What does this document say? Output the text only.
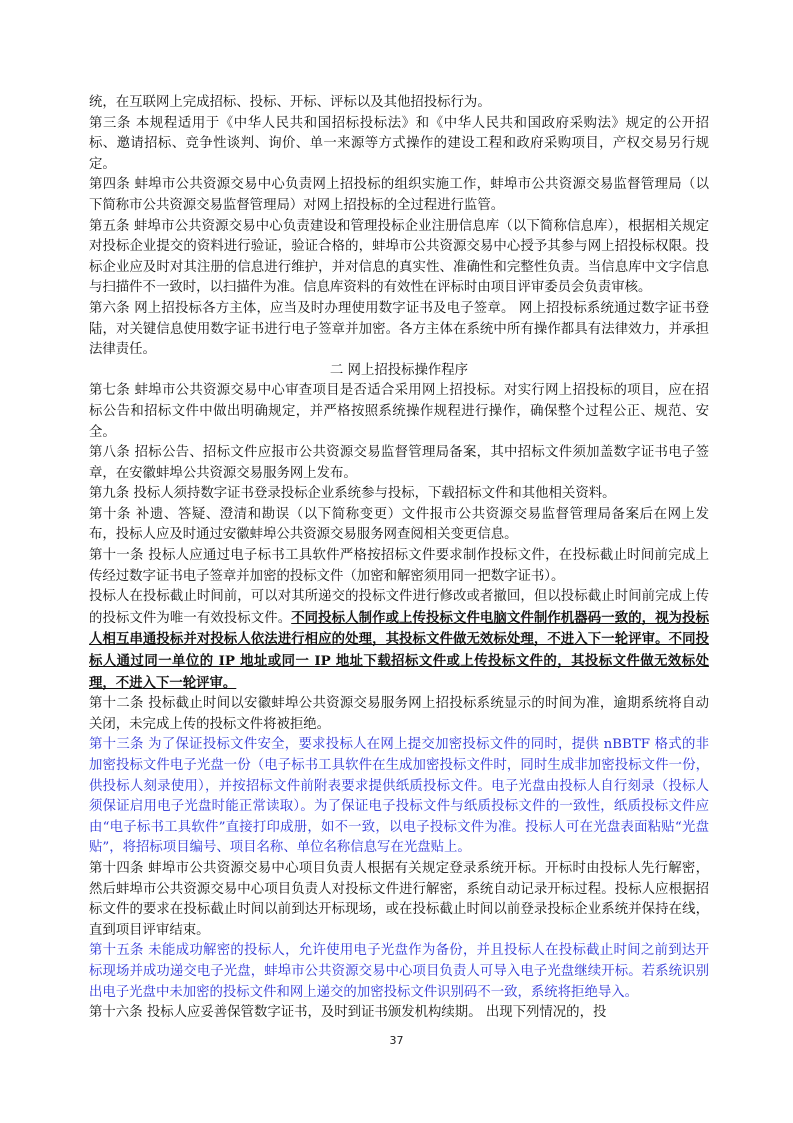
统，在互联网上完成招标、投标、开标、评标以及其他招投标行为。

第三条 本规程适用于《中华人民共和国招标投标法》和《中华人民共和国政府采购法》规定的公开招标、邀请招标、竞争性谈判、询价、单一来源等方式操作的建设工程和政府采购项目，产权交易另行规定。

第四条 蚌埠市公共资源交易中心负责网上招投标的组织实施工作，蚌埠市公共资源交易监督管理局（以下简称市公共资源交易监督管理局）对网上招投标的全过程进行监管。

第五条 蚌埠市公共资源交易中心负责建设和管理投标企业注册信息库（以下简称信息库），根据相关规定对投标企业提交的资料进行验证，验证合格的，蚌埠市公共资源交易中心授予其参与网上招投标权限。投标企业应及时对其注册的信息进行维护，并对信息的真实性、准确性和完整性负责。当信息库中文字信息与扫描件不一致时，以扫描件为准。信息库资料的有效性在评标时由项目评审委员会负责审核。

第六条 网上招投标各方主体，应当及时办理使用数字证书及电子签章。 网上招投标系统通过数字证书登陆，对关键信息使用数字证书进行电子签章并加密。各方主体在系统中所有操作都具有法律效力，并承担法律责任。

二 网上招投标操作程序

第七条 蚌埠市公共资源交易中心审查项目是否适合采用网上招投标。对实行网上招投标的项目，应在招标公告和招标文件中做出明确规定，并严格按照系统操作规程进行操作，确保整个过程公正、规范、安全。

第八条 招标公告、招标文件应报市公共资源交易监督管理局备案，其中招标文件须加盖数字证书电子签章，在安徽蚌埠公共资源交易服务网上发布。

第九条 投标人须持数字证书登录投标企业系统参与投标，下载招标文件和其他相关资料。

第十条 补遗、答疑、澄清和勘误（以下简称变更）文件报市公共资源交易监督管理局备案后在网上发布，投标人应及时通过安徽蚌埠公共资源交易服务网查阅相关变更信息。

第十一条 投标人应通过电子标书工具软件严格按招标文件要求制作投标文件，在投标截止时间前完成上传经过数字证书电子签章并加密的投标文件（加密和解密须用同一把数字证书）。

投标人在投标截止时间前，可以对其所递交的投标文件进行修改或者撤回，但以投标截止时间前完成上传的投标文件为唯一有效投标文件。不同投标人制作或上传投标文件电脑文件制作机器码一致的，视为投标人相互串通投标并对投标人依法进行相应的处理，其投标文件做无效标处理，不进入下一轮评审。不同投标人通过同一单位的 IP 地址或同一 IP 地址下载招标文件或上传投标文件的，其投标文件做无效标处理，不进入下一轮评审。

第十二条 投标截止时间以安徽蚌埠公共资源交易服务网上招投标系统显示的时间为准，逾期系统将自动关闭，未完成上传的投标文件将被拒绝。

第十三条 为了保证投标文件安全，要求投标人在网上提交加密投标文件的同时，提供 nBBTF 格式的非加密投标文件电子光盘一份（电子标书工具软件在生成加密投标文件时，同时生成非加密投标文件一份，供投标人刻录使用），并按招标文件前附表要求提供纸质投标文件。电子光盘由投标人自行刻录（投标人须保证启用电子光盘时能正常读取）。为了保证电子投标文件与纸质投标文件的一致性，纸质投标文件应由“电子标书工具软件”直接打印成册，如不一致，以电子投标文件为准。投标人可在光盘表面粘贴“光盘贴”，将招标项目编号、项目名称、单位名称信息写在光盘贴上。

第十四条 蚌埠市公共资源交易中心项目负责人根据有关规定登录系统开标。开标时由投标人先行解密，然后蚌埠市公共资源交易中心项目负责人对投标文件进行解密，系统自动记录开标过程。投标人应根据招标文件的要求在投标截止时间以前到达开标现场，或在投标截止时间以前登录投标企业系统并保持在线，直到项目评审结束。

第十五条 未能成功解密的投标人，允许使用电子光盘作为备份，并且投标人在投标截止时间之前到达开标现场并成功递交电子光盘，蚌埠市公共资源交易中心项目负责人可导入电子光盘继续开标。若系统识别出电子光盘中未加密的投标文件和网上递交的加密投标文件识别码不一致，系统将拒绝导入。

第十六条 投标人应妥善保管数字证书，及时到证书颁发机构续期。 出现下列情况的，投

37
